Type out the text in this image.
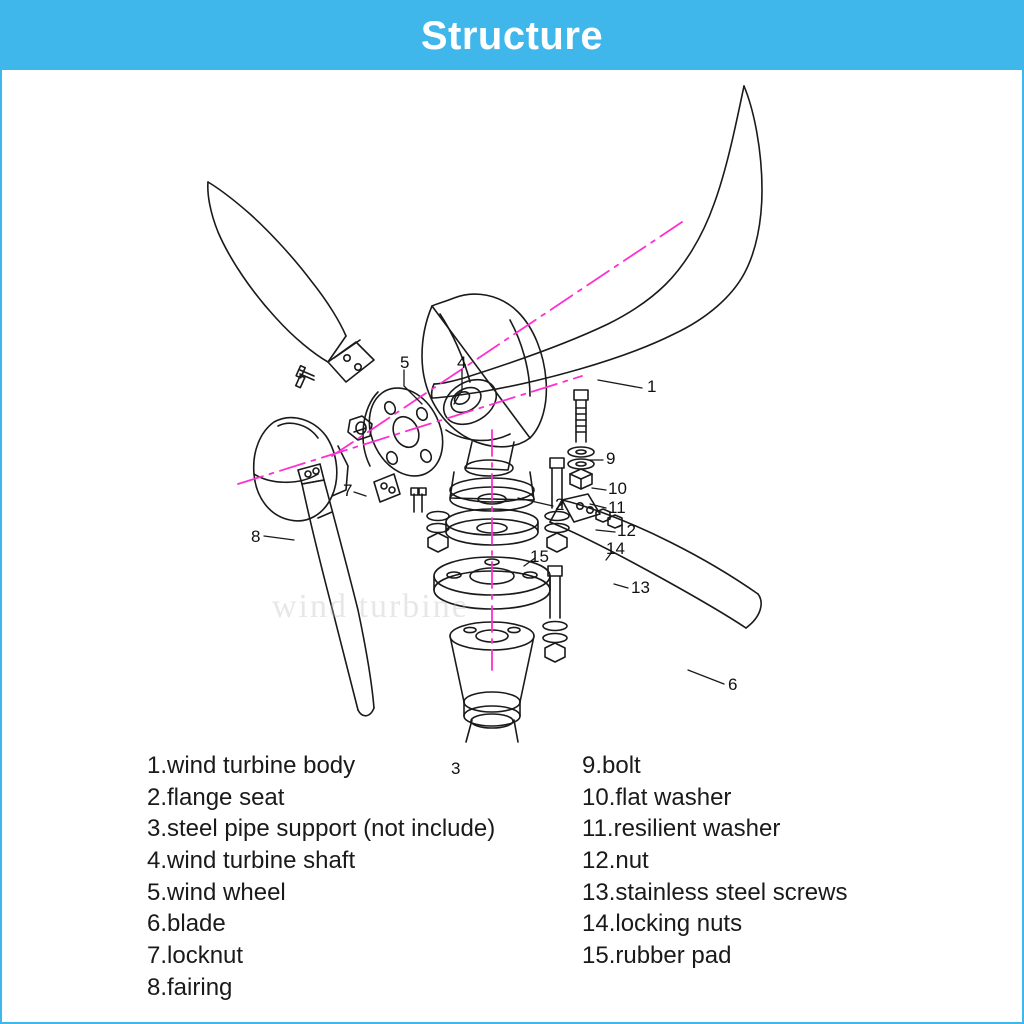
Structure
wind turbine
1
2
3
4
5
6
7
8
9
10
11
12
13
14
15
1.wind turbine body
2.flange seat
3.steel pipe support (not include)
4.wind turbine shaft
5.wind wheel
6.blade
7.locknut
8.fairing
9.bolt
10.flat washer
11.resilient washer
12.nut
13.stainless steel screws
14.locking nuts
15.rubber pad
